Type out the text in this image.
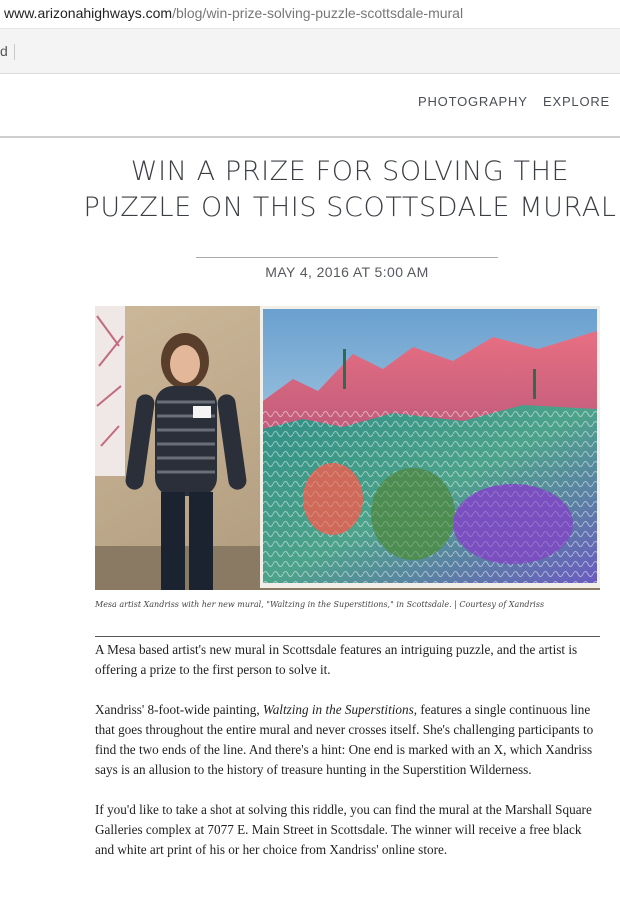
www.arizonahighways.com/blog/win-prize-solving-puzzle-scottsdale-mural
d
PHOTOGRAPHY EXPLORE
WIN A PRIZE FOR SOLVING THE PUZZLE ON THIS SCOTTSDALE MURAL
MAY 4, 2016 AT 5:00 AM
Mesa artist Xandriss with her new mural, "Waltzing in the Superstitions," in Scottsdale. | Courtesy of Xandriss

A Mesa based artist's new mural in Scottsdale features an intriguing puzzle, and the artist is offering a prize to the first person to solve it.

Xandriss' 8-foot-wide painting, Waltzing in the Superstitions, features a single continuous line that goes throughout the entire mural and never crosses itself. She's challenging participants to find the two ends of the line. And there's a hint: One end is marked with an X, which Xandriss says is an allusion to the history of treasure hunting in the Superstition Wilderness.

If you'd like to take a shot at solving this riddle, you can find the mural at the Marshall Square Galleries complex at 7077 E. Main Street in Scottsdale. The winner will receive a free black and white art print of his or her choice from Xandriss' online store.
